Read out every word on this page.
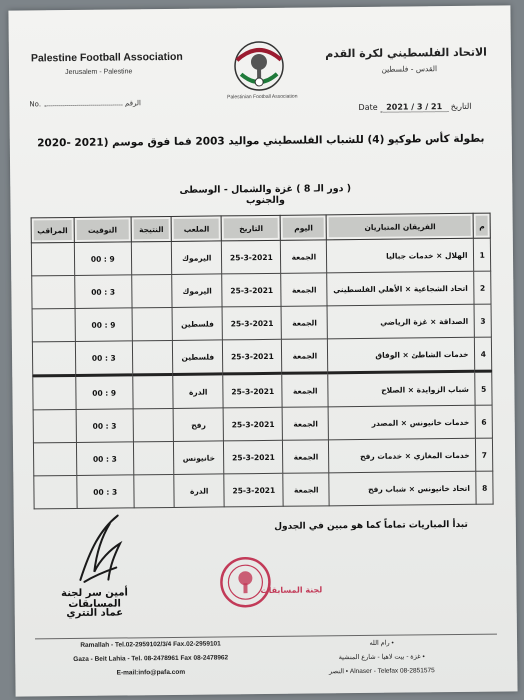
Palestine Football Association
Jerusalem - Palestine
الاتحاد الفلسطيني لكرة القدم
القدس - فلسطين
Palestinian Football Association
No.	الرقم	Date 2021 / 3 / 21 التاريخ
بطولة كأس طوكيو (4) للشباب الفلسطيني مواليد 2003 فما فوق موسم (2021 -2020
( دور الـ 8 ) غزة والشمال - الوسطى والجنوب
م	الفريقان المتباريان	اليوم	التاريخ	الملعب	النتيجة	التوقيت	المراقب
1	الهلال × خدمات جباليا	الجمعة	25-3-2021	اليرموك		9 : 00	
2	اتحاد الشجاعية × الأهلي الفلسطيني	الجمعة	25-3-2021	اليرموك		3 : 00	
3	الصداقة × غزة الرياضي	الجمعة	25-3-2021	فلسطين		9 : 00	
4	خدمات الشاطئ × الوفاق	الجمعة	25-3-2021	فلسطين		3 : 00	
5	شباب الزوايدة × الصلاح	الجمعة	25-3-2021	الدرة		9 : 00	
6	خدمات خانيونس × المصدر	الجمعة	25-3-2021	رفح		3 : 00	
7	خدمات المغازي × خدمات رفح	الجمعة	25-3-2021	خانيونس		3 : 00	
8	اتحاد خانيونس × شباب رفح	الجمعة	25-3-2021	الدرة		3 : 00	
تبدأ المباريات تماماً كما هو مبين في الجدول
أمين سر لجنة المسابقات
عماد التتري
لجنة المسابقات
Ramallah - Tel.02-2959102/3/4 Fax.02-2959101	• رام الله
Gaza - Beit Lahia - Tel. 08-2478961 Fax 08-2478962	• غزة - بيت لاهيا - شارع المنشية
E-mail:info@pafa.com	Alnaser - Telefax 08-2851575 • النصر
